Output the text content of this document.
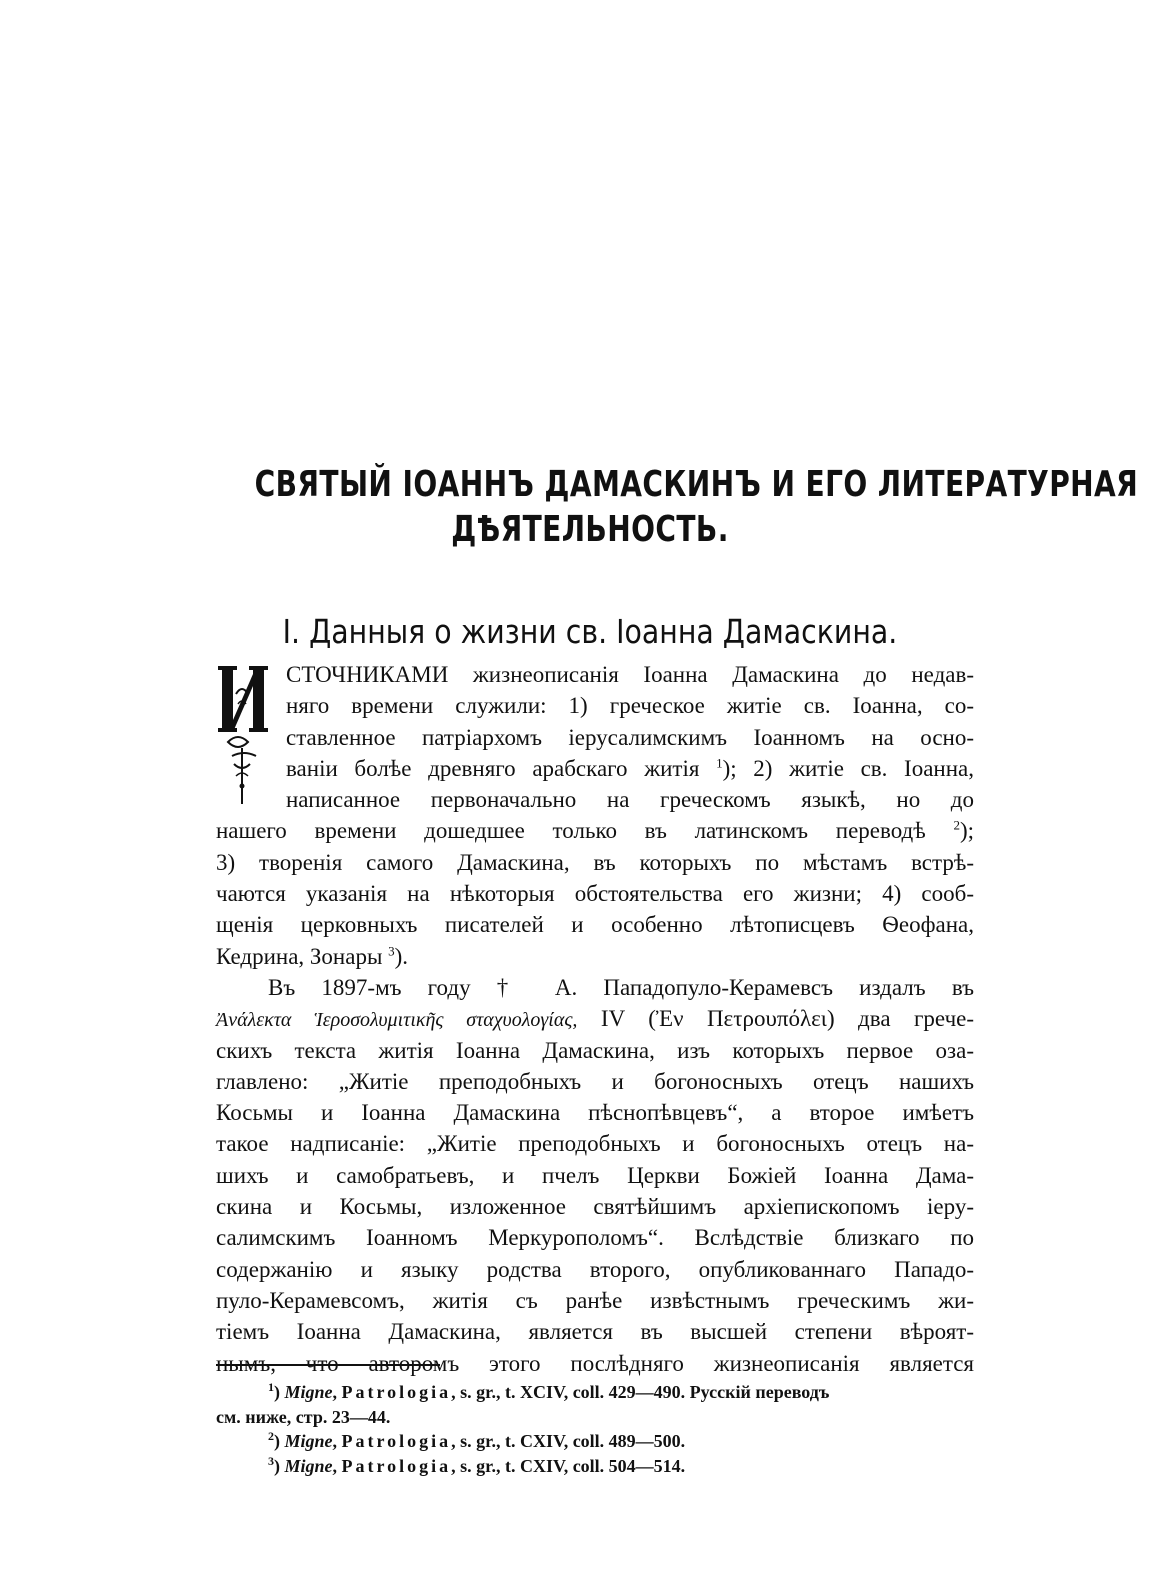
СВЯТЫЙ ІОАННЪ ДАМАСКИНЪ И ЕГО ЛИТЕРАТУРНАЯ
ДѢЯТЕЛЬНОСТЬ.
І. Данныя о жизни св. Іоанна Дамаскина.
СТОЧНИКАМИ жизнеописанія Іоанна Дамаскина до недав-
няго времени служили: 1) греческое житіе св. Іоанна, со-
ставленное патріархомъ іерусалимскимъ Іоанномъ на осно-
ваніи болѣе древняго арабскаго житія $^1$); 2) житіе св. Іоанна,
написанное первоначально на греческомъ языкѣ, но до
нашего времени дошедшее только въ латинскомъ переводѣ $^2$);
3) творенія самого Дамаскина, въ которыхъ по мѣстамъ встрѣ-
чаются указанія на нѣкоторыя обстоятельства его жизни; 4) сооб-
щенія церковныхъ писателей и особенно лѣтописцевъ Ѳеофана,
Кедрина, Зонары $^3$).
Въ 1897-мъ году † А. Пападопуло-Керамевсъ издалъ въ
Ἀνάλεκτα Ἱεροσολυμιτικῆς σταχυολογίας, IV (Ἐν Πετρουπόλει) два грече-
скихъ текста житія Іоанна Дамаскина, изъ которыхъ первое оза-
главлено: „Житіе преподобныхъ и богоносныхъ отецъ нашихъ
Косьмы и Іоанна Дамаскина пѣснопѣвцевъ“, а второе имѣетъ
такое надписаніе: „Житіе преподобныхъ и богоносныхъ отецъ на-
шихъ и самобратьевъ, и пчелъ Церкви Божіей Іоанна Дама-
скина и Косьмы, изложенное святѣйшимъ архіепископомъ іеру-
салимскимъ Іоанномъ Меркурополомъ“. Вслѣдствіе близкаго по
содержанію и языку родства второго, опубликованнаго Пападо-
пуло-Керамевсомъ, житія съ ранѣе извѣстнымъ греческимъ жи-
тіемъ Іоанна Дамаскина, является въ высшей степени вѣроят-
нымъ, что авторомъ этого послѣдняго жизнеописанія является
$^1$) Migne, Patrologia, s. gr., t. XCIV, coll. 429—490. Русскій переводъ
см. ниже, стр. 23—44.
$^2$) Migne, Patrologia, s. gr., t. CXIV, coll. 489—500.
$^3$) Migne, Patrologia, s. gr., t. CXIV, coll. 504—514.
